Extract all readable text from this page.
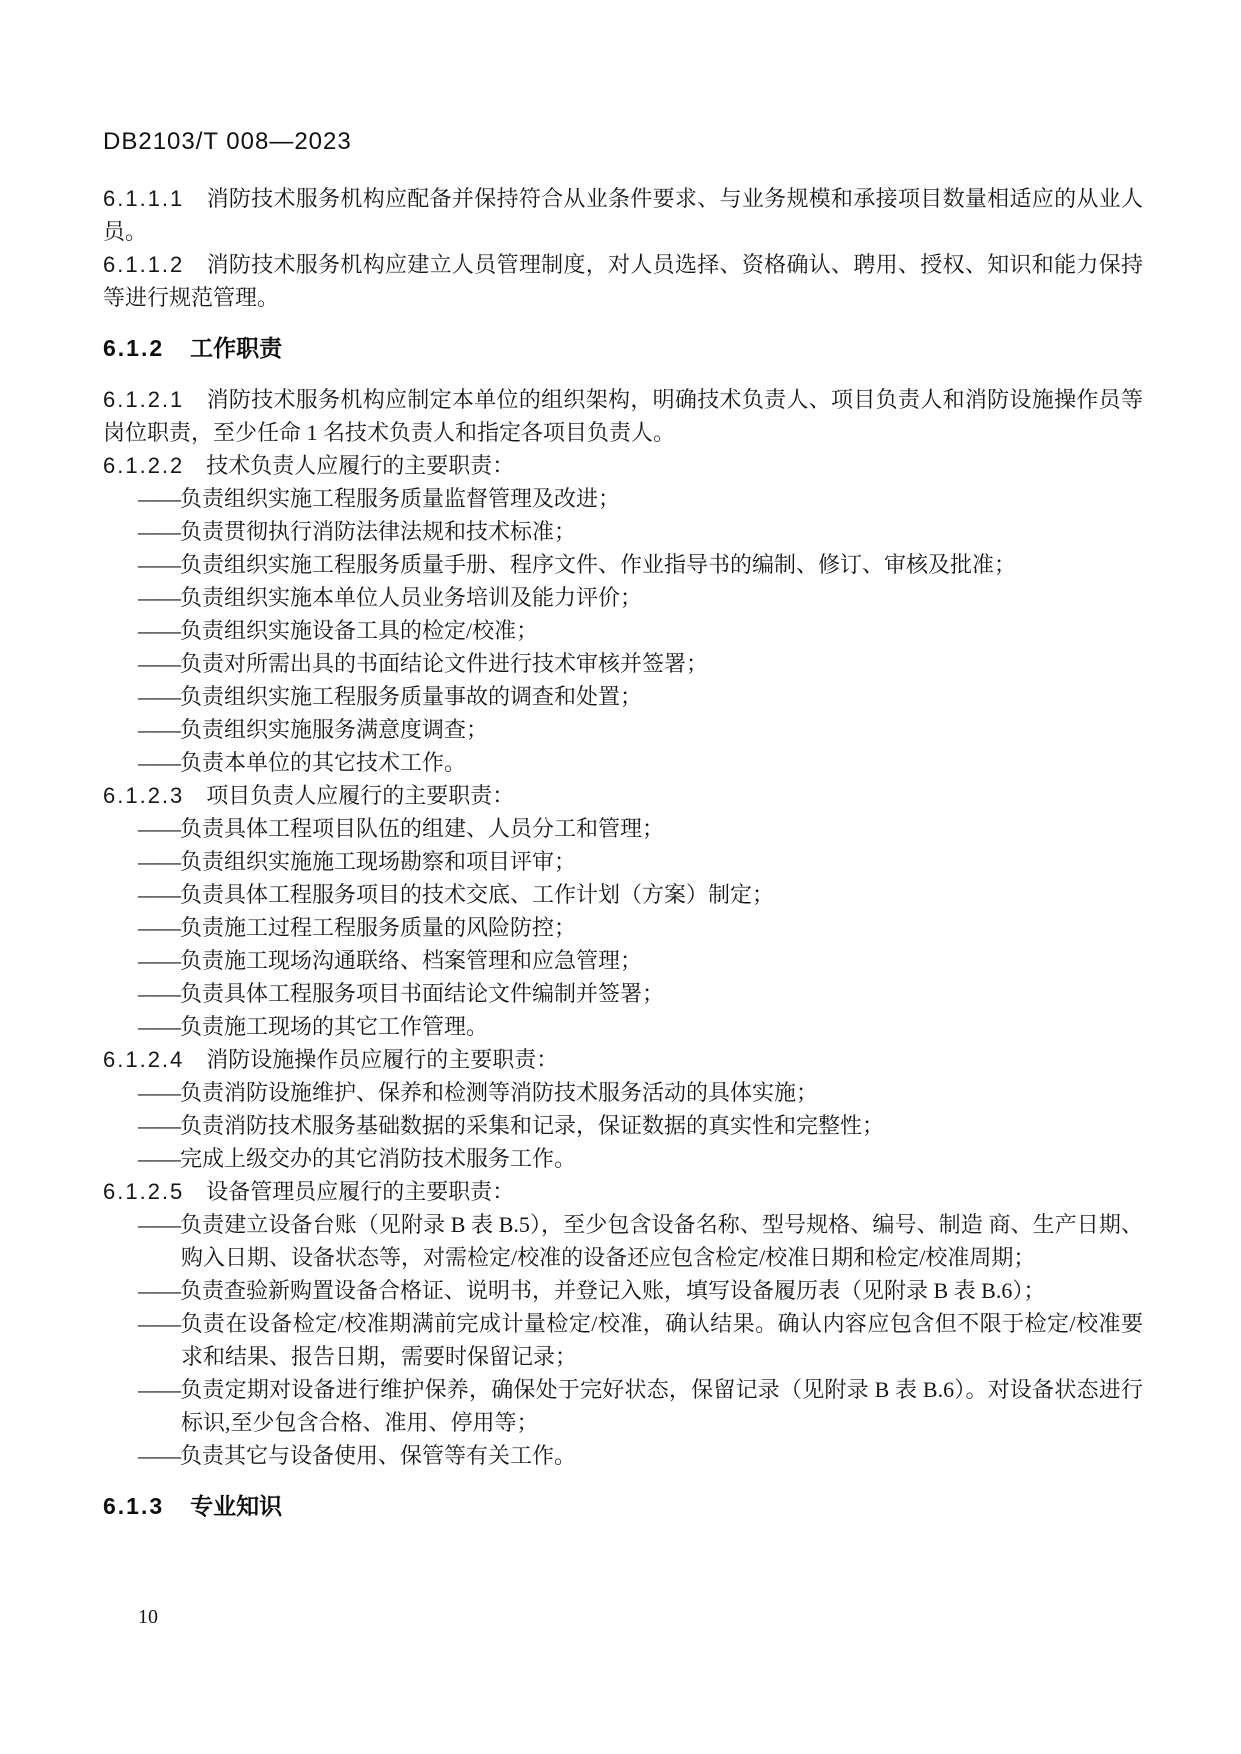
DB2103/T 008—2023

6.1.1.1 消防技术服务机构应配备并保持符合从业条件要求、与业务规模和承接项目数量相适应的从业人员。

6.1.1.2 消防技术服务机构应建立人员管理制度，对人员选择、资格确认、聘用、授权、知识和能力保持等进行规范管理。

6.1.2 工作职责

6.1.2.1 消防技术服务机构应制定本单位的组织架构，明确技术负责人、项目负责人和消防设施操作员等岗位职责，至少任命 1 名技术负责人和指定各项目负责人。

6.1.2.2 技术负责人应履行的主要职责：

——负责组织实施工程服务质量监督管理及改进；

——负责贯彻执行消防法律法规和技术标准；

——负责组织实施工程服务质量手册、程序文件、作业指导书的编制、修订、审核及批准；

——负责组织实施本单位人员业务培训及能力评价；

——负责组织实施设备工具的检定/校准；

——负责对所需出具的书面结论文件进行技术审核并签署；

——负责组织实施工程服务质量事故的调查和处置；

——负责组织实施服务满意度调查；

——负责本单位的其它技术工作。

6.1.2.3 项目负责人应履行的主要职责：

——负责具体工程项目队伍的组建、人员分工和管理；

——负责组织实施施工现场勘察和项目评审；

——负责具体工程服务项目的技术交底、工作计划（方案）制定；

——负责施工过程工程服务质量的风险防控；

——负责施工现场沟通联络、档案管理和应急管理；

——负责具体工程服务项目书面结论文件编制并签署；

——负责施工现场的其它工作管理。

6.1.2.4 消防设施操作员应履行的主要职责：

——负责消防设施维护、保养和检测等消防技术服务活动的具体实施；

——负责消防技术服务基础数据的采集和记录，保证数据的真实性和完整性；

——完成上级交办的其它消防技术服务工作。

6.1.2.5 设备管理员应履行的主要职责：

——负责建立设备台账（见附录 B 表 B.5），至少包含设备名称、型号规格、编号、制造 商、生产日期、购入日期、设备状态等，对需检定/校准的设备还应包含检定/校准日期和检定/校准周期；

——负责查验新购置设备合格证、说明书，并登记入账，填写设备履历表（见附录 B 表 B.6）；

——负责在设备检定/校准期满前完成计量检定/校准，确认结果。确认内容应包含但不限于检定/校准要求和结果、报告日期，需要时保留记录；

——负责定期对设备进行维护保养，确保处于完好状态，保留记录（见附录 B 表 B.6）。对设备状态进行标识,至少包含合格、准用、停用等；

——负责其它与设备使用、保管等有关工作。

6.1.3 专业知识

10
